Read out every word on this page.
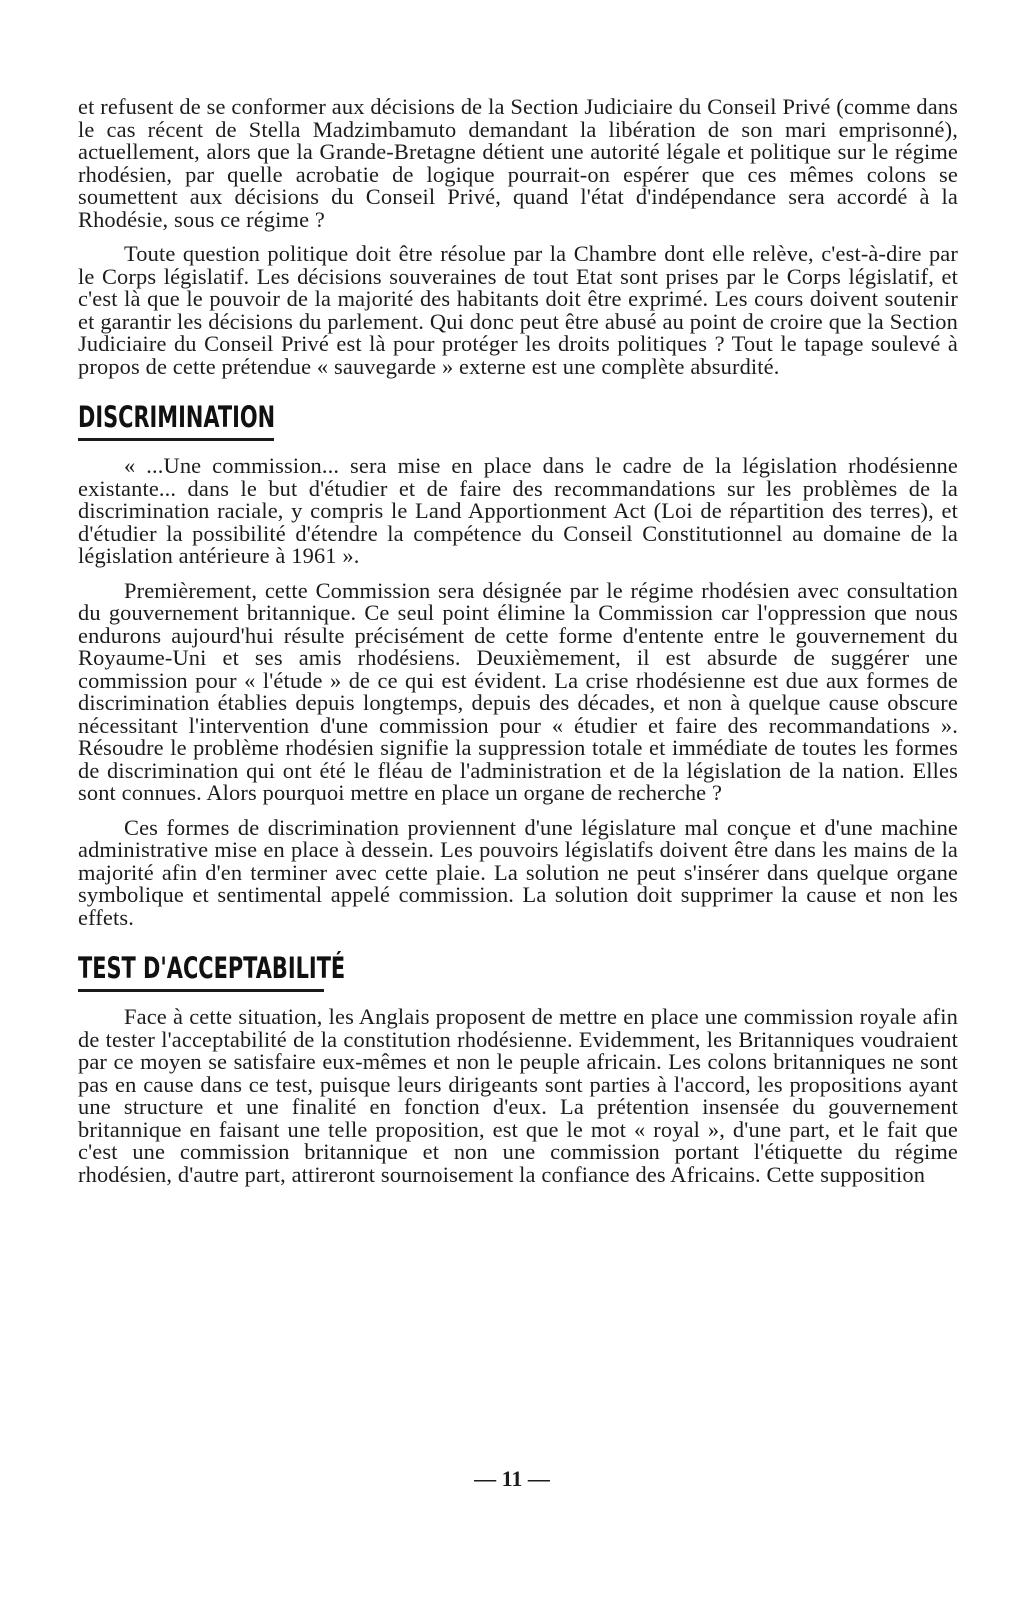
et refusent de se conformer aux décisions de la Section Judiciaire du Conseil Privé (comme dans le cas récent de Stella Madzimbamuto demandant la libération de son mari emprisonné), actuellement, alors que la Grande-Bretagne détient une autorité légale et politique sur le régime rhodésien, par quelle acrobatie de logique pourrait-on espérer que ces mêmes colons se soumettent aux décisions du Conseil Privé, quand l'état d'indépendance sera accordé à la Rhodésie, sous ce régime ?

Toute question politique doit être résolue par la Chambre dont elle relève, c'est-à-dire par le Corps législatif. Les décisions souveraines de tout Etat sont prises par le Corps législatif, et c'est là que le pouvoir de la majorité des habitants doit être exprimé. Les cours doivent soutenir et garantir les décisions du parlement. Qui donc peut être abusé au point de croire que la Section Judiciaire du Conseil Privé est là pour protéger les droits politiques ? Tout le tapage soulevé à propos de cette prétendue « sauvegarde » externe est une complète absurdité.

DISCRIMINATION

« ...Une commission... sera mise en place dans le cadre de la législation rhodésienne existante... dans le but d'étudier et de faire des recommandations sur les problèmes de la discrimination raciale, y compris le Land Apportionment Act (Loi de répartition des terres), et d'étudier la possibilité d'étendre la compétence du Conseil Constitutionnel au domaine de la législation antérieure à 1961 ».

Premièrement, cette Commission sera désignée par le régime rhodésien avec consultation du gouvernement britannique. Ce seul point élimine la Commission car l'oppression que nous endurons aujourd'hui résulte précisément de cette forme d'entente entre le gouvernement du Royaume-Uni et ses amis rhodésiens. Deuxièmement, il est absurde de suggérer une commission pour « l'étude » de ce qui est évident. La crise rhodésienne est due aux formes de discrimination établies depuis longtemps, depuis des décades, et non à quelque cause obscure nécessitant l'intervention d'une commission pour « étudier et faire des recommandations ». Résoudre le problème rhodésien signifie la suppression totale et immédiate de toutes les formes de discrimination qui ont été le fléau de l'administration et de la législation de la nation. Elles sont connues. Alors pourquoi mettre en place un organe de recherche ?

Ces formes de discrimination proviennent d'une législature mal conçue et d'une machine administrative mise en place à dessein. Les pouvoirs législatifs doivent être dans les mains de la majorité afin d'en terminer avec cette plaie. La solution ne peut s'insérer dans quelque organe symbolique et sentimental appelé commission. La solution doit supprimer la cause et non les effets.

TEST D'ACCEPTABILITÉ

Face à cette situation, les Anglais proposent de mettre en place une commission royale afin de tester l'acceptabilité de la constitution rhodésienne. Evidemment, les Britanniques voudraient par ce moyen se satisfaire eux-mêmes et non le peuple africain. Les colons britanniques ne sont pas en cause dans ce test, puisque leurs dirigeants sont parties à l'accord, les propositions ayant une structure et une finalité en fonction d'eux. La prétention insensée du gouvernement britannique en faisant une telle proposition, est que le mot « royal », d'une part, et le fait que c'est une commission britannique et non une commission portant l'étiquette du régime rhodésien, d'autre part, attireront sournoisement la confiance des Africains. Cette supposition

— 11 —
